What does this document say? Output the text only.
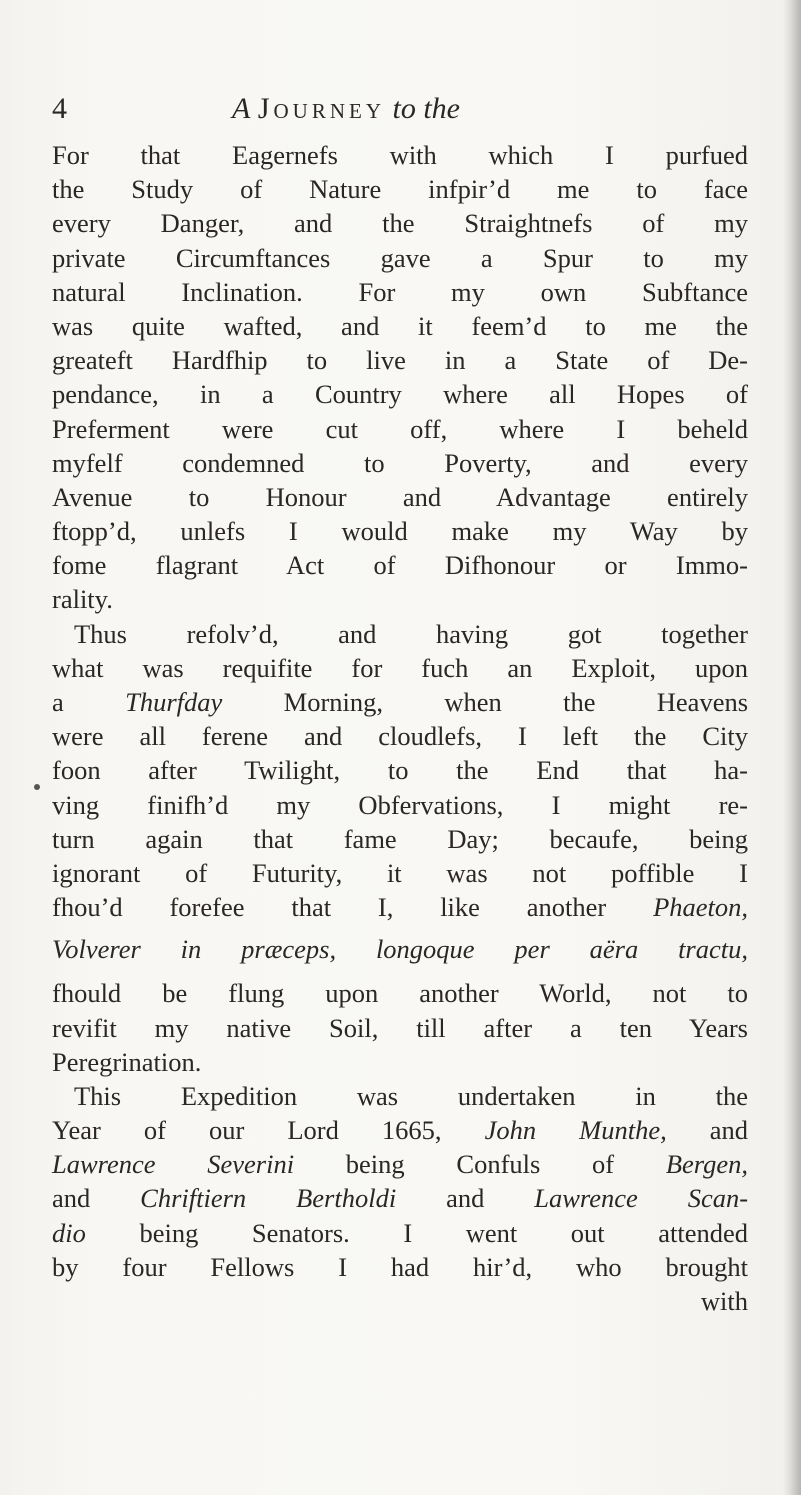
4	A Journey to the
For that Eagernefs with which I purfued
the Study of Nature infpir’d me to face
every Danger, and the Straightnefs of my
private Circumftances gave a Spur to my
natural Inclination. For my own Subftance
was quite wafted, and it feem’d to me the
greateft Hardfhip to live in a State of De-
pendance, in a Country where all Hopes of
Preferment were cut off, where I beheld
myfelf condemned to Poverty, and every
Avenue to Honour and Advantage entirely
ftopp’d, unlefs I would make my Way by
fome flagrant Act of Difhonour or Immo-
rality.
Thus refolv’d, and having got together
what was requifite for fuch an Exploit, upon
a Thurfday Morning, when the Heavens
were all ferene and cloudlefs, I left the City
foon after Twilight, to the End that ha-
ving finifh’d my Obfervations, I might re-
turn again that fame Day; becaufe, being
ignorant of Futurity, it was not poffible I
fhou’d forefee that I, like another Phaeton,
Volverer in præceps, longoque per aëra tractu,
fhould be flung upon another World, not to
revifit my native Soil, till after a ten Years
Peregrination.
This Expedition was undertaken in the
Year of our Lord 1665, John Munthe, and
Lawrence Severini being Confuls of Bergen,
and Chriftiern Bertholdi and Lawrence Scan-
dio being Senators. I went out attended
by four Fellows I had hir’d, who brought
with
